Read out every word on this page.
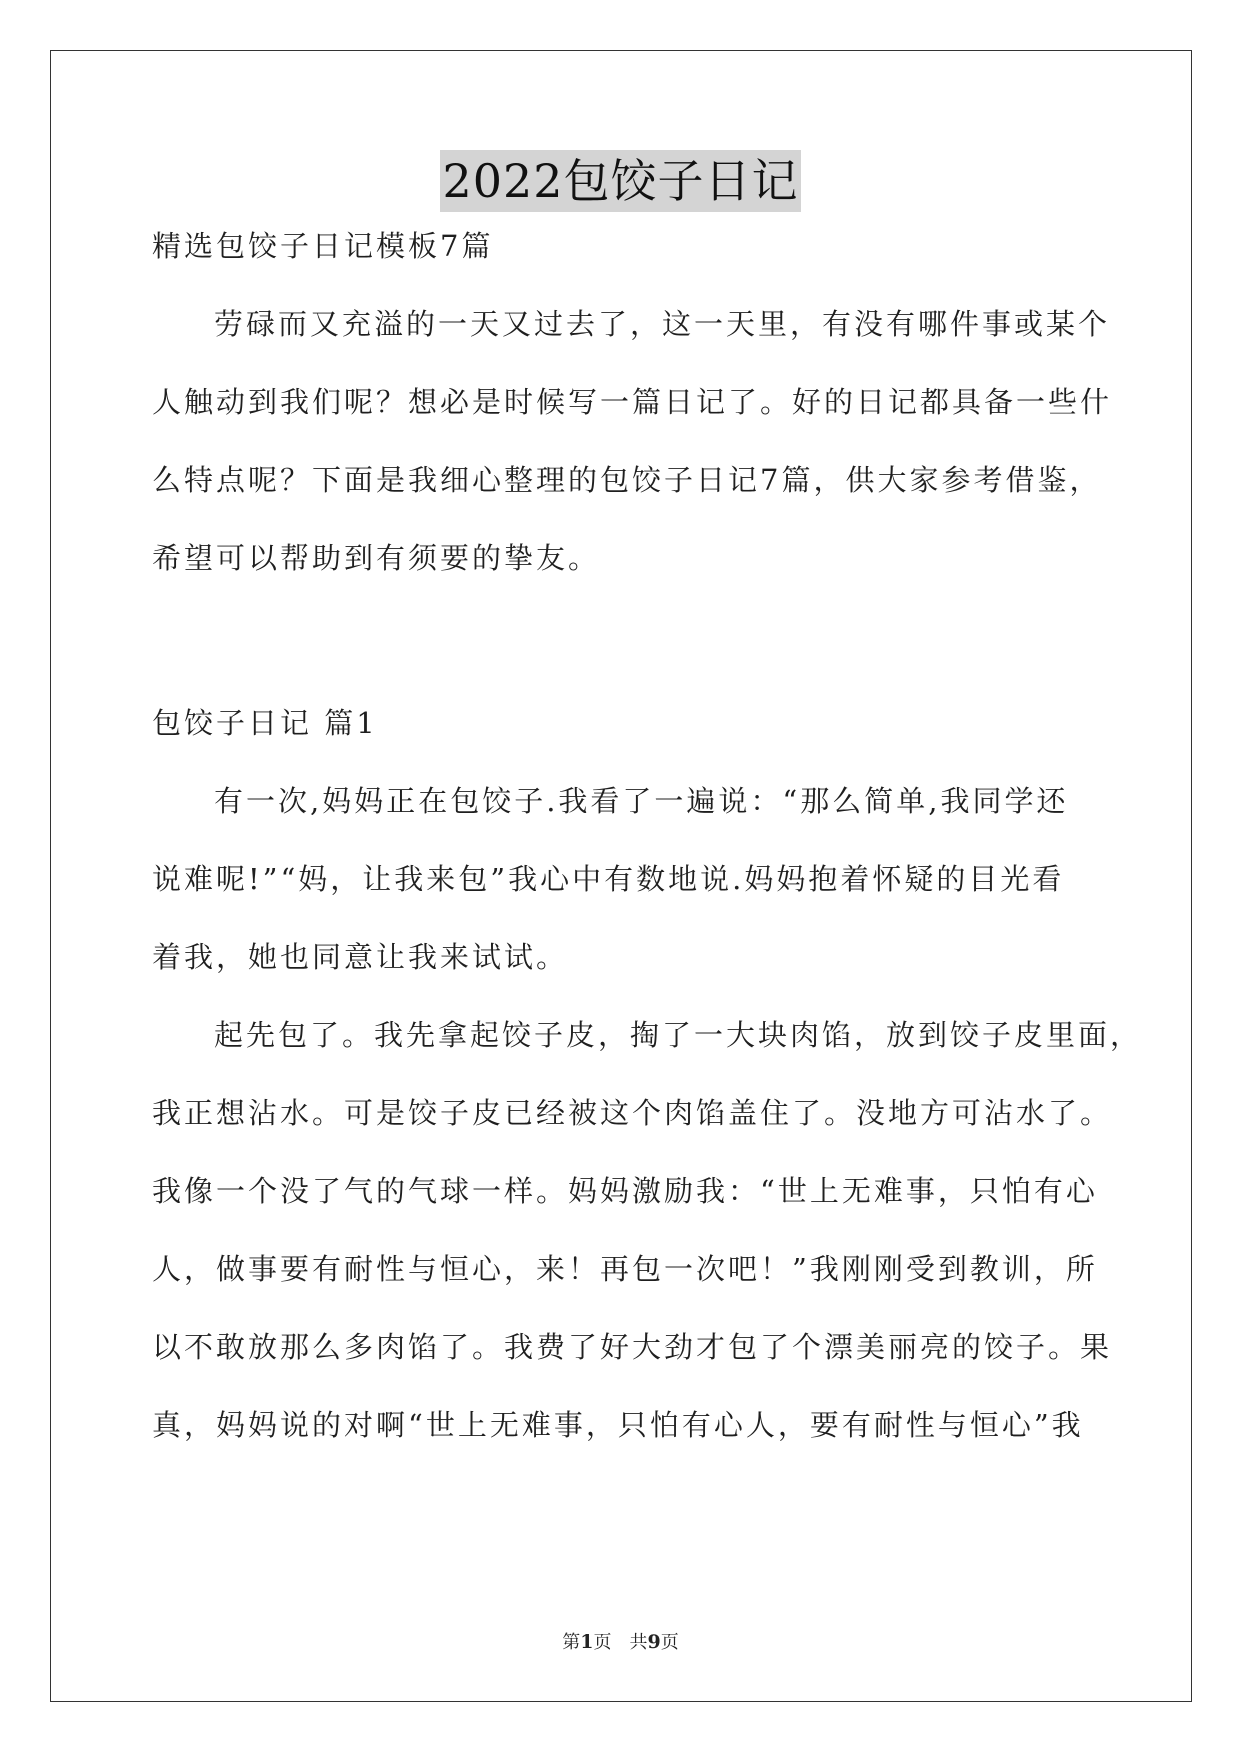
2022包饺子日记
精选包饺子日记模板7篇
劳碌而又充溢的一天又过去了，这一天里，有没有哪件事或某个
人触动到我们呢？想必是时候写一篇日记了。好的日记都具备一些什
么特点呢？下面是我细心整理的包饺子日记7篇，供大家参考借鉴，
希望可以帮助到有须要的挚友。
包饺子日记 篇1
有一次,妈妈正在包饺子.我看了一遍说：“那么简单,我同学还
说难呢!”“妈，让我来包”我心中有数地说.妈妈抱着怀疑的目光看
着我，她也同意让我来试试。
起先包了。我先拿起饺子皮，掏了一大块肉馅，放到饺子皮里面，
我正想沾水。可是饺子皮已经被这个肉馅盖住了。没地方可沾水了。
我像一个没了气的气球一样。妈妈激励我：“世上无难事，只怕有心
人，做事要有耐性与恒心，来！再包一次吧！”我刚刚受到教训，所
以不敢放那么多肉馅了。我费了好大劲才包了个漂美丽亮的饺子。果
真，妈妈说的对啊“世上无难事，只怕有心人，要有耐性与恒心”我
第1页　共9页
